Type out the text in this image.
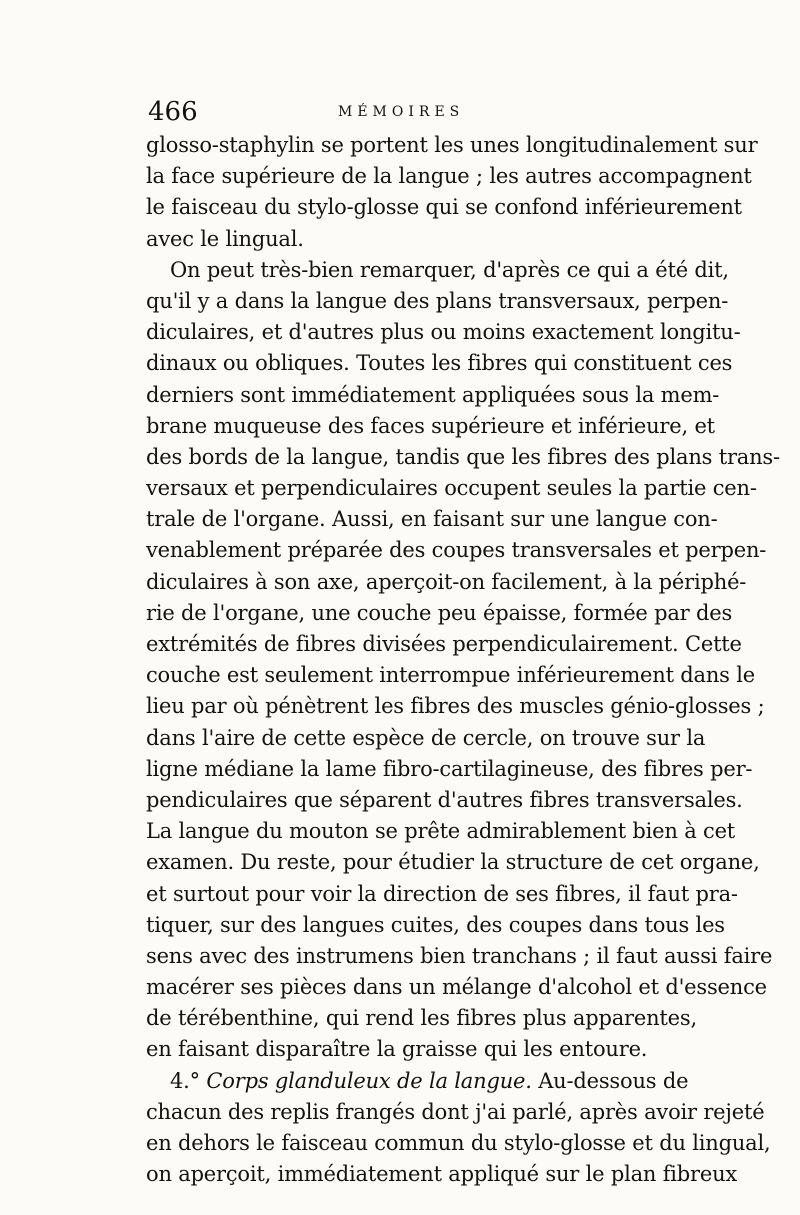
466	MÉMOIRES
glosso-staphylin se portent les unes longitudinalement sur
la face supérieure de la langue ; les autres accompagnent
le faisceau du stylo-glosse qui se confond inférieurement
avec le lingual.
On peut très-bien remarquer, d'après ce qui a été dit,
qu'il y a dans la langue des plans transversaux, perpen-
diculaires, et d'autres plus ou moins exactement longitu-
dinaux ou obliques. Toutes les fibres qui constituent ces
derniers sont immédiatement appliquées sous la mem-
brane muqueuse des faces supérieure et inférieure, et
des bords de la langue, tandis que les fibres des plans trans-
versaux et perpendiculaires occupent seules la partie cen-
trale de l'organe. Aussi, en faisant sur une langue con-
venablement préparée des coupes transversales et perpen-
diculaires à son axe, aperçoit-on facilement, à la périphé-
rie de l'organe, une couche peu épaisse, formée par des
extrémités de fibres divisées perpendiculairement. Cette
couche est seulement interrompue inférieurement dans le
lieu par où pénètrent les fibres des muscles génio-glosses ;
dans l'aire de cette espèce de cercle, on trouve sur la
ligne médiane la lame fibro-cartilagineuse, des fibres per-
pendiculaires que séparent d'autres fibres transversales.
La langue du mouton se prête admirablement bien à cet
examen. Du reste, pour étudier la structure de cet organe,
et surtout pour voir la direction de ses fibres, il faut pra-
tiquer, sur des langues cuites, des coupes dans tous les
sens avec des instrumens bien tranchans ; il faut aussi faire
macérer ses pièces dans un mélange d'alcohol et d'essence
de térébenthine, qui rend les fibres plus apparentes,
en faisant disparaître la graisse qui les entoure.
4.° Corps glanduleux de la langue. Au-dessous de
chacun des replis frangés dont j'ai parlé, après avoir rejeté
en dehors le faisceau commun du stylo-glosse et du lingual,
on aperçoit, immédiatement appliqué sur le plan fibreux
